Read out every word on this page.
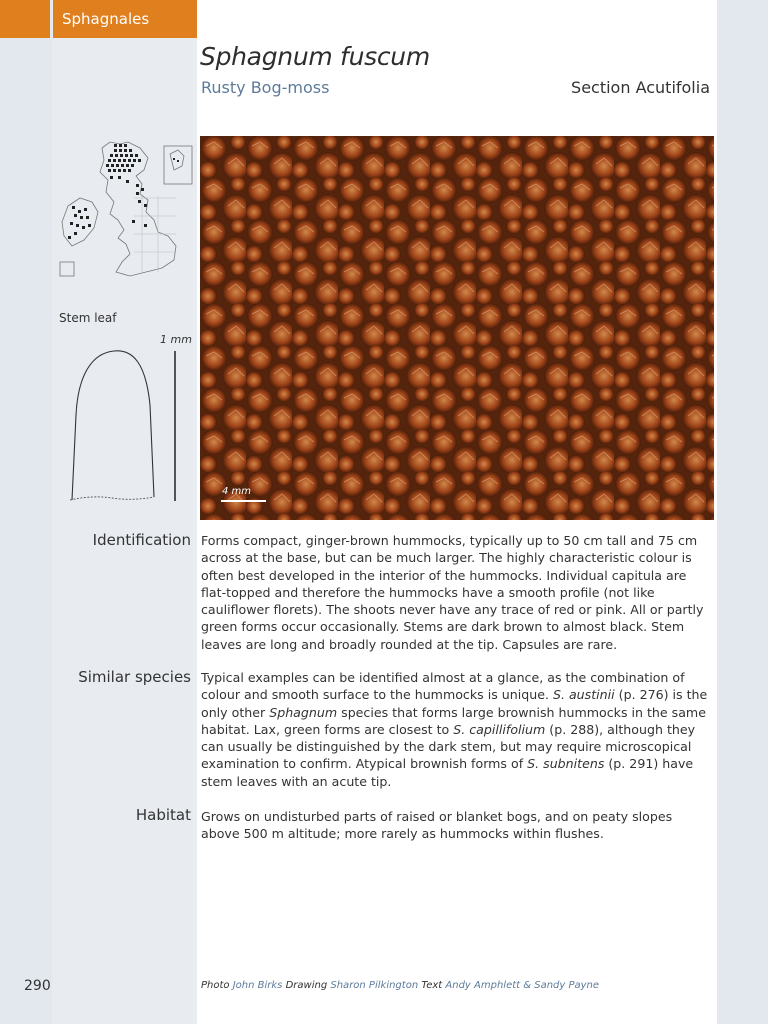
Sphagnales
Sphagnum fuscum
Rusty Bog-moss	Section Acutifolia
Stem leaf
1 mm
4 mm
Identification Forms compact, ginger-brown hummocks, typically up to 50 cm tall and 75 cm across at the base, but can be much larger. The highly characteristic colour is often best developed in the interior of the hummocks. Individual capitula are flat-topped and therefore the hummocks have a smooth profile (not like cauliflower florets). The shoots never have any trace of red or pink. All or partly green forms occur occasionally. Stems are dark brown to almost black. Stem leaves are long and broadly rounded at the tip. Capsules are rare.

Similar species Typical examples can be identified almost at a glance, as the combination of colour and smooth surface to the hummocks is unique. S. austinii (p. 276) is the only other Sphagnum species that forms large brownish hummocks in the same habitat. Lax, green forms are closest to S. capillifolium (p. 288), although they can usually be distinguished by the dark stem, but may require microscopical examination to confirm. Atypical brownish forms of S. subnitens (p. 291) have stem leaves with an acute tip.

Habitat Grows on undisturbed parts of raised or blanket bogs, and on peaty slopes above 500 m altitude; more rarely as hummocks within flushes.

290	Photo John Birks Drawing Sharon Pilkington Text Andy Amphlett & Sandy Payne
